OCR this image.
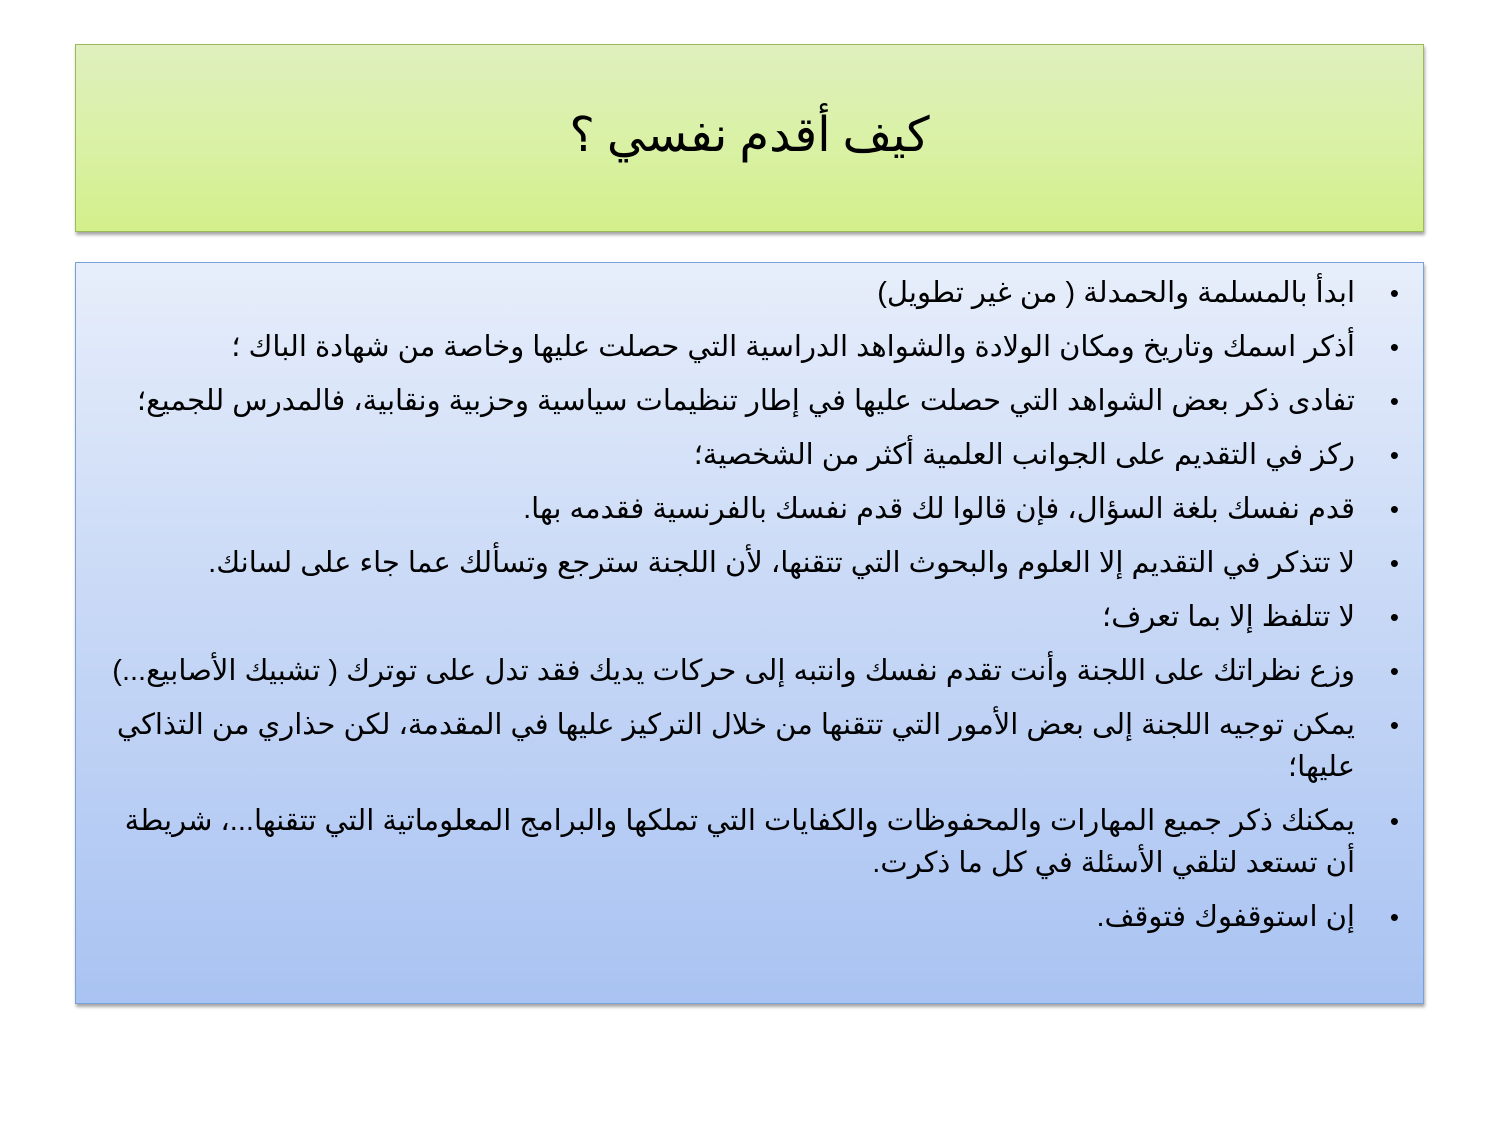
كيف أقدم نفسي ؟
•
ابدأ بالمسلمة والحمدلة ( من غير تطويل)
•
أذكر اسمك وتاريخ ومكان الولادة والشواهد الدراسية التي حصلت عليها وخاصة من شهادة الباك ؛
•
تفادى ذكر بعض الشواهد التي حصلت عليها في إطار تنظيمات سياسية وحزبية ونقابية، فالمدرس للجميع؛
•
ركز في التقديم على الجوانب العلمية أكثر من الشخصية؛
•
قدم نفسك بلغة السؤال، فإن قالوا لك قدم نفسك بالفرنسية فقدمه بها.
•
لا تتذكر في التقديم إلا العلوم والبحوث التي تتقنها، لأن اللجنة سترجع وتسألك عما جاء على لسانك.
•
لا تتلفظ إلا بما تعرف؛
•
وزع نظراتك على اللجنة وأنت تقدم نفسك وانتبه إلى حركات يديك فقد تدل على توترك ( تشبيك الأصابيع...)
•
يمكن توجيه اللجنة إلى بعض الأمور التي تتقنها من خلال التركيز عليها في المقدمة، لكن حذاري من التذاكي عليها؛
•
يمكنك ذكر جميع المهارات والمحفوظات والكفايات التي تملكها والبرامج المعلوماتية التي تتقنها...، شريطة أن تستعد لتلقي الأسئلة في كل ما ذكرت.
•
إن استوقفوك فتوقف.
